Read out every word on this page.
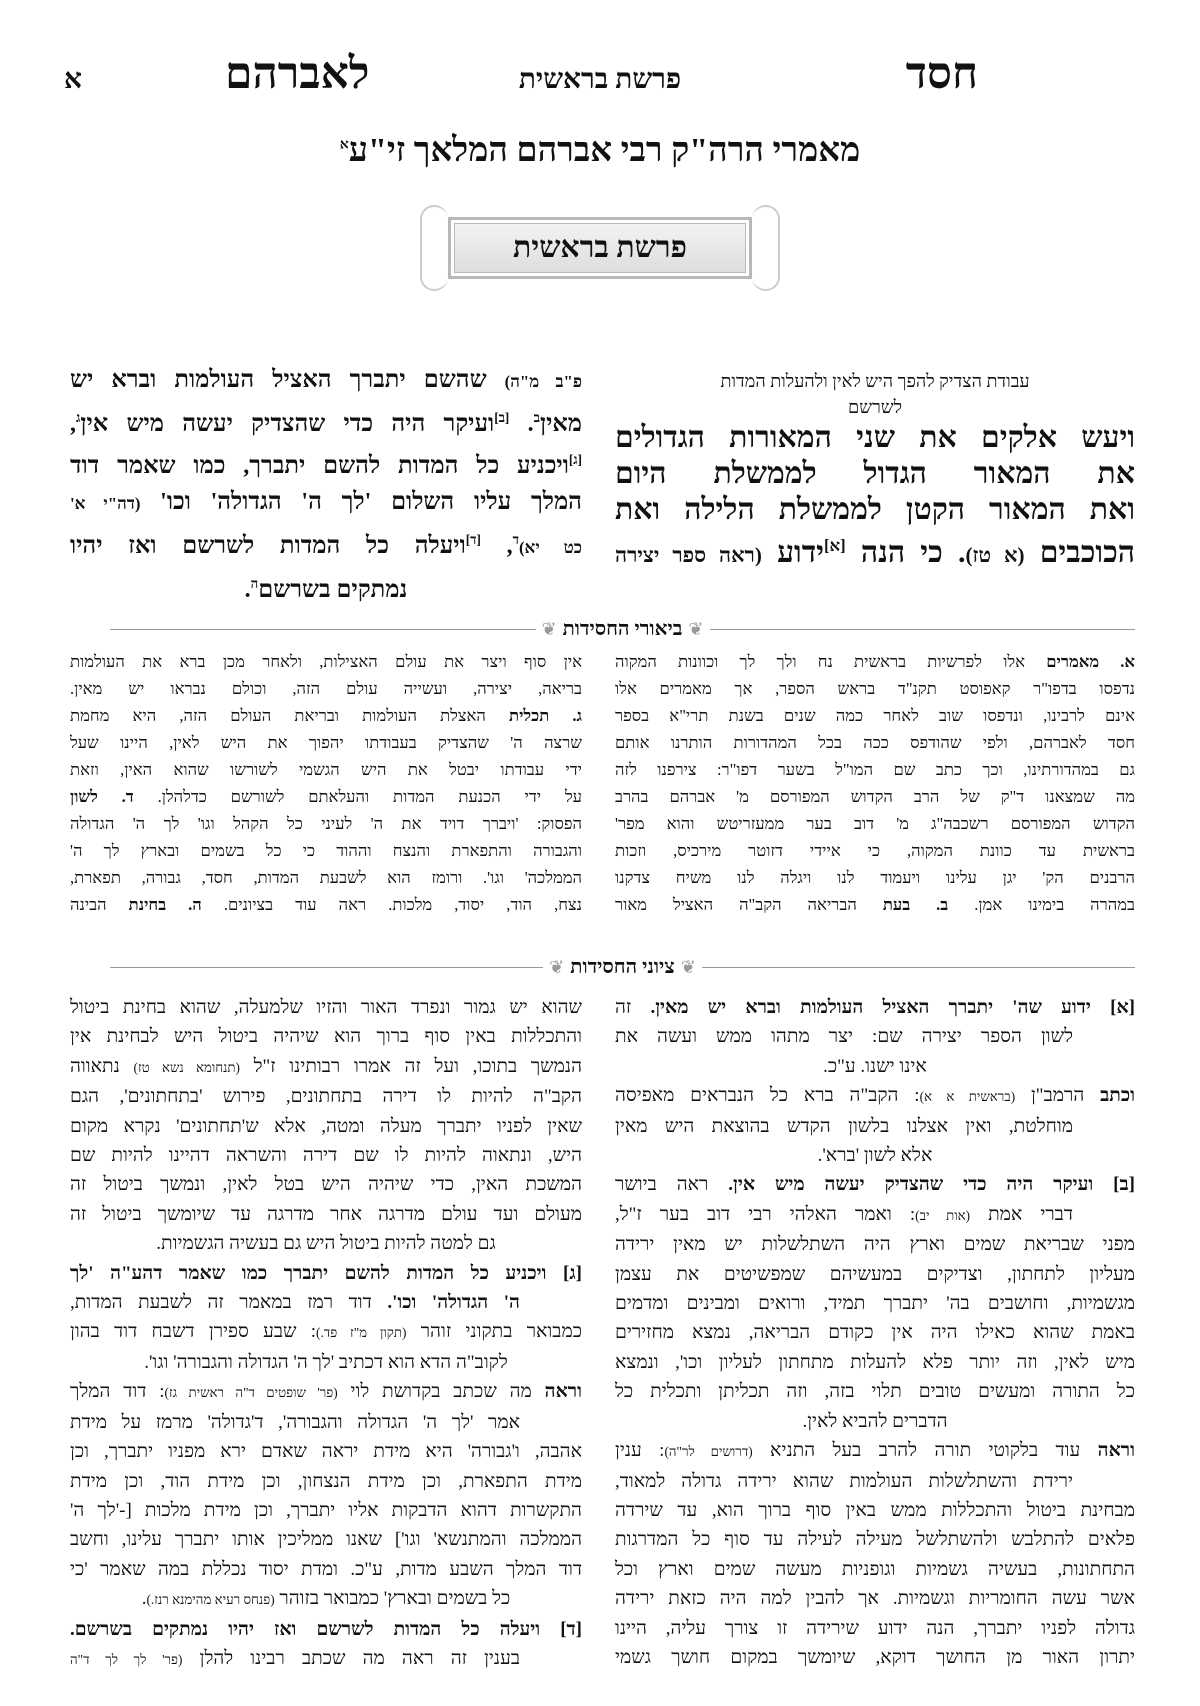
חסד
פרשת בראשית
לאברהם
א
מאמרי הרה"ק רבי אברהם המלאך זי"ע$^א$
פרשת בראשית
עבודת הצדיק להפך היש לאין ולהעלות המדות
לשרשם
ויעש אלקים את שני המאורות הגדולים
את המאור הגדול לממשלת היום
ואת המאור הקטן לממשלת הלילה ואת
הכוכבים (א טז). כי הנה [א]ידוע (ראה ספר יצירה
פ"ב מ"ה) שהשם יתברך האציל העולמות וברא יש
מאין$^ב$. [ב]ועיקר היה כדי שהצדיק יעשה מיש אין$^ג$,
[ג]ויכניע כל המדות להשם יתברך, כמו שאמר דוד
המלך עליו השלום 'לך ה' הגדולה' וכו' (דה"י א'
כט יא)$^ד$, [ד]ויעלה כל המדות לשרשם ואז יהיו
נמתקים בשרשם$^ה$.
❦
ביאורי החסידות
❦
א. מאמרים אלו לפרשיות בראשית נח ולך לך וכוונות המקוה
נדפסו בדפו"ר קאפוסט תקנ"ד בראש הספר, אך מאמרים אלו
אינם לרבינו, ונדפסו שוב לאחר כמה שנים בשנת תרי"א בספר
חסד לאברהם, ולפי שהודפס ככה בכל המהדורות הותרנו אותם
גם במהדורתינו, וכך כתב שם המו"ל בשער דפו"ר: צירפנו לזה
מה שמצאנו ד"ק של הרב הקדוש המפורסם מ' אברהם בהרב
הקדוש המפורסם רשכבה"ג מ' דוב בער ממעזריטש והוא מפר'
בראשית עד כוונת המקוה, כי איידי דזוטר מירכיס, וזכות
הרבנים הק' יגן עלינו ויעמוד לנו ויגלה לנו משיח צדקנו
במהרה בימינו אמן. ב. בעת הבריאה הקב"ה האציל מאור
אין סוף ויצר את עולם האצילות, ולאחר מכן ברא את העולמות
בריאה, יצירה, ועשייה עולם הזה, וכולם נבראו יש מאין.
ג. תכלית האצלת העולמות ובריאת העולם הזה, היא מחמת
שרצה ה' שהצדיק בעבודתו יהפוך את היש לאין, היינו שעל
ידי עבודתו יבטל את היש הגשמי לשורשו שהוא האין, וזאת
על ידי הכנעת המדות והעלאתם לשורשם כדלהלן. ד. לשון
הפסוק: 'ויברך דויד את ה' לעיני כל הקהל וגו' לך ה' הגדולה
והגבורה והתפארת והנצח וההוד כי כל בשמים ובארץ לך ה'
הממלכה' וגו'. ורומז הוא לשבעת המדות, חסד, גבורה, תפארת,
נצח, הוד, יסוד, מלכות. ראה עוד בציונים. ה. בחינת הבינה
❦
ציוני החסידות
❦
[א] ידוע שה' יתברך האציל העולמות וברא יש מאין. זה
לשון הספר יצירה שם: יצר מתהו ממש ועשה את
אינו ישנו. ע"כ.
וכתב הרמב"ן (בראשית א א): הקב"ה ברא כל הנבראים מאפיסה
מוחלטת, ואין אצלנו בלשון הקדש בהוצאת היש מאין
אלא לשון 'ברא'.
[ב] ועיקר היה כדי שהצדיק יעשה מיש אין. ראה ביושר
דברי אמת (אות יב): ואמר האלהי רבי דוב בער ז"ל,
מפני שבריאת שמים וארץ היה השתלשלות יש מאין ירידה
מעליון לתחתון, וצדיקים במעשיהם שמפשיטים את עצמן
מגשמיות, וחושבים בה' יתברך תמיד, ורואים ומבינים ומדמים
באמת שהוא כאילו היה אין כקודם הבריאה, נמצא מחזירים
מיש לאין, וזה יותר פלא להעלות מתחתון לעליון וכו', ונמצא
כל התורה ומעשים טובים תלוי בזה, וזה תכליתן ותכלית כל
הדברים להביא לאין.
וראה עוד בלקוטי תורה להרב בעל התניא (דרושים לר"ה): ענין
ירידת והשתלשלות העולמות שהוא ירידה גדולה למאוד,
מבחינת ביטול והתכללות ממש באין סוף ברוך הוא, עד שירדה
פלאים להתלבש ולהשתלשל מעילה לעילה עד סוף כל המדרגות
התחתונות, בעשיה גשמיות וגופניות מעשה שמים וארץ וכל
אשר עשה החומריות וגשמיות. אך להבין למה היה כזאת ירידה
גדולה לפניו יתברך, הנה ידוע שירידה זו צורך עליה, היינו
יתרון האור מן החושך דוקא, שיומשך במקום חושך גשמי
שהוא יש גמור ונפרד האור והזיו שלמעלה, שהוא בחינת ביטול
והתכללות באין סוף ברוך הוא שיהיה ביטול היש לבחינת אין
הנמשך בתוכו, ועל זה אמרו רבותינו ז"ל (תנחומא נשא טז) נתאווה
הקב"ה להיות לו דירה בתחתונים, פירוש 'בתחתונים', הגם
שאין לפניו יתברך מעלה ומטה, אלא ש'תחתונים' נקרא מקום
היש, ונתאוה להיות לו שם דירה והשראה דהיינו להיות שם
המשכת האין, כדי שיהיה היש בטל לאין, ונמשך ביטול זה
מעולם ועד עולם מדרגה אחר מדרגה עד שיומשך ביטול זה
גם למטה להיות ביטול היש גם בעשיה הגשמיות.
[ג] ויכניע כל המדות להשם יתברך כמו שאמר דהע"ה 'לך
ה' הגדולה' וכו'. דוד רמז במאמר זה לשבעת המדות,
כמבואר בתקוני זוהר (תקון מ"ז פד.): שבע ספירן דשבח דוד בהון
לקוב"ה הדא הוא דכתיב 'לך ה' הגדולה והגבורה' וגו'.
וראה מה שכתב בקדושת לוי (פר' שופטים ד"ה ראשית גז): דוד המלך
אמר 'לך ה' הגדולה והגבורה', ד'גדולה' מרמז על מידת
אהבה, ו'גבורה' היא מידת יראה שאדם ירא מפניו יתברך, וכן
מידת התפארת, וכן מידת הנצחון, וכן מידת הוד, וכן מידת
התקשרות דהוא הדבקות אליו יתברך, וכן מידת מלכות [-'לך ה'
הממלכה והמתנשא' וגו'] שאנו ממליכין אותו יתברך עלינו, וחשב
דוד המלך השבע מדות, ע"כ. ומדת יסוד נכללת במה שאמר 'כי
כל בשמים ובארץ' כמבואר בזוהר (פנחס רעיא מהימנא רנז.).
[ד] ויעלה כל המדות לשרשם ואז יהיו נמתקים בשרשם.
בענין זה ראה מה שכתב רבינו להלן (פר' לך לך ד"ה
